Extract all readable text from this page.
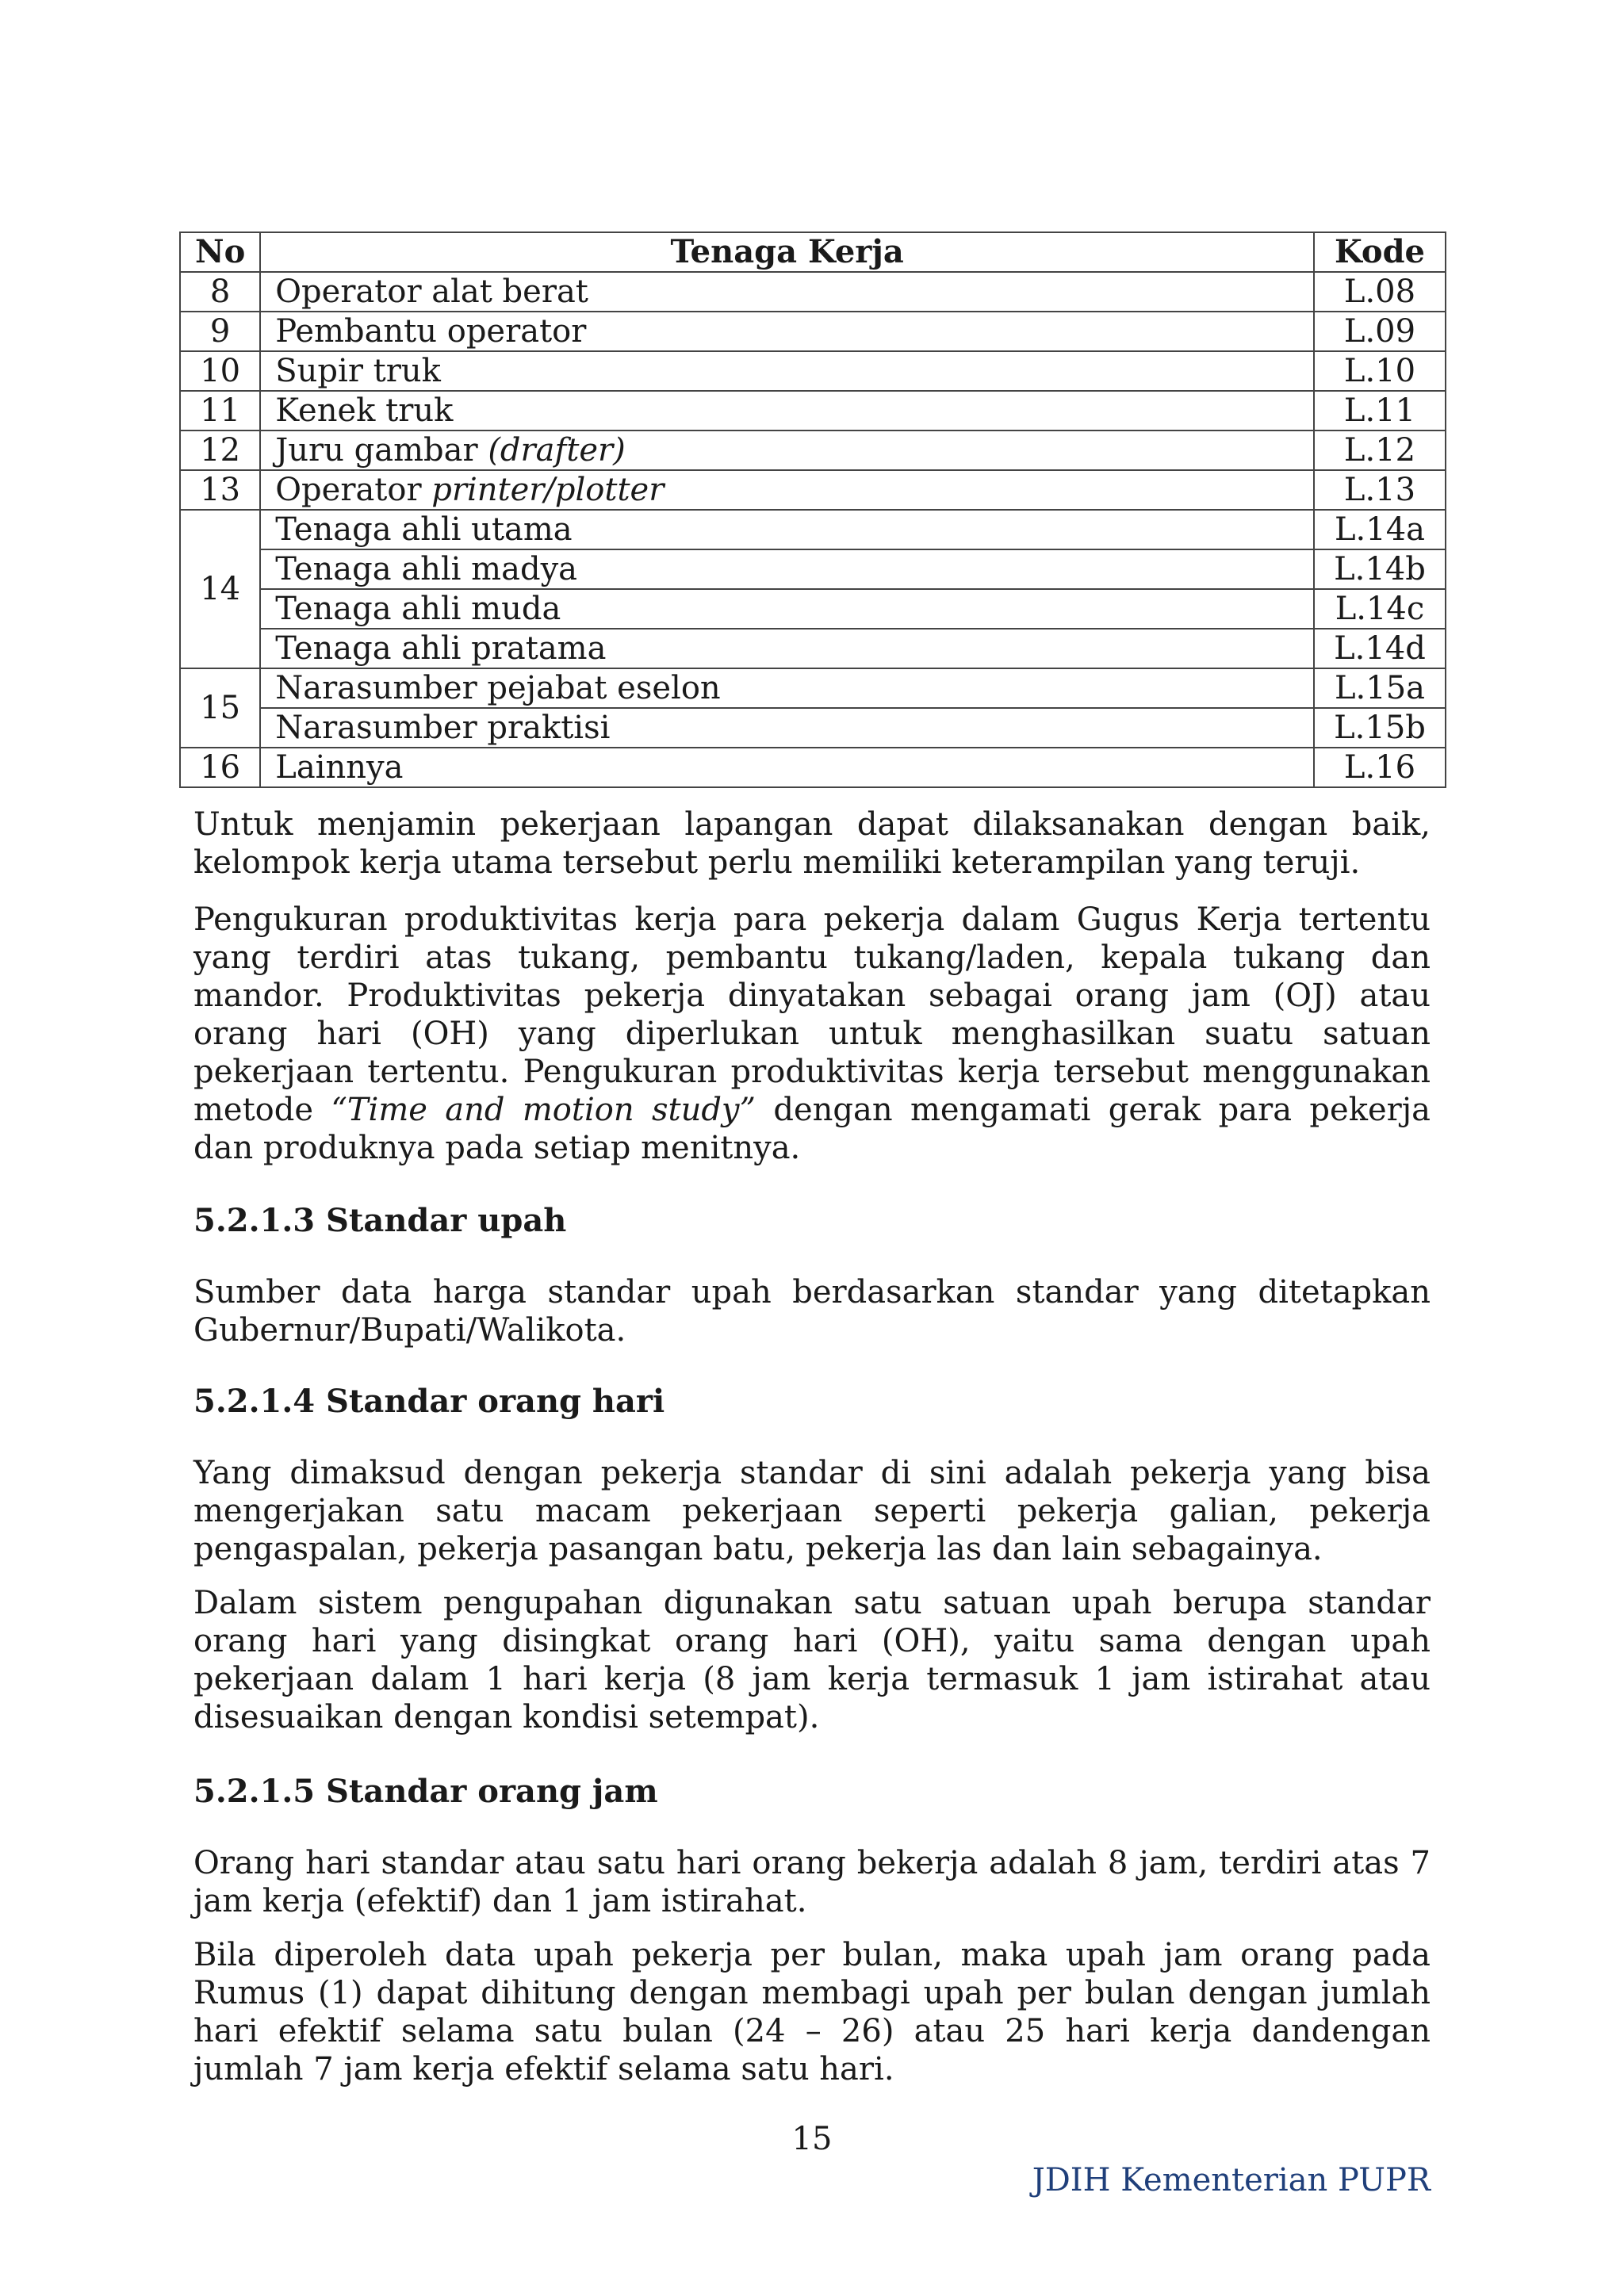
No	Tenaga Kerja	Kode
8	Operator alat berat	L.08
9	Pembantu operator	L.09
10	Supir truk	L.10
11	Kenek truk	L.11
12	Juru gambar (drafter)	L.12
13	Operator printer/plotter	L.13
14	Tenaga ahli utama	L.14a
	Tenaga ahli madya	L.14b
	Tenaga ahli muda	L.14c
	Tenaga ahli pratama	L.14d
15	Narasumber pejabat eselon	L.15a
	Narasumber praktisi	L.15b
16	Lainnya	L.16

Untuk menjamin pekerjaan lapangan dapat dilaksanakan dengan baik, kelompok kerja utama tersebut perlu memiliki keterampilan yang teruji.

Pengukuran produktivitas kerja para pekerja dalam Gugus Kerja tertentu yang terdiri atas tukang, pembantu tukang/laden, kepala tukang dan mandor. Produktivitas pekerja dinyatakan sebagai orang jam (OJ) atau orang hari (OH) yang diperlukan untuk menghasilkan suatu satuan pekerjaan tertentu. Pengukuran produktivitas kerja tersebut menggunakan metode “Time and motion study” dengan mengamati gerak para pekerja dan produknya pada setiap menitnya.

5.2.1.3 Standar upah

Sumber data harga standar upah berdasarkan standar yang ditetapkan Gubernur/Bupati/Walikota.

5.2.1.4 Standar orang hari

Yang dimaksud dengan pekerja standar di sini adalah pekerja yang bisa mengerjakan satu macam pekerjaan seperti pekerja galian, pekerja pengaspalan, pekerja pasangan batu, pekerja las dan lain sebagainya.

Dalam sistem pengupahan digunakan satu satuan upah berupa standar orang hari yang disingkat orang hari (OH), yaitu sama dengan upah pekerjaan dalam 1 hari kerja (8 jam kerja termasuk 1 jam istirahat atau disesuaikan dengan kondisi setempat).

5.2.1.5 Standar orang jam

Orang hari standar atau satu hari orang bekerja adalah 8 jam, terdiri atas 7 jam kerja (efektif) dan 1 jam istirahat.

Bila diperoleh data upah pekerja per bulan, maka upah jam orang pada Rumus (1) dapat dihitung dengan membagi upah per bulan dengan jumlah hari efektif selama satu bulan (24 – 26) atau 25 hari kerja dandengan jumlah 7 jam kerja efektif selama satu hari.

15
JDIH Kementerian PUPR
